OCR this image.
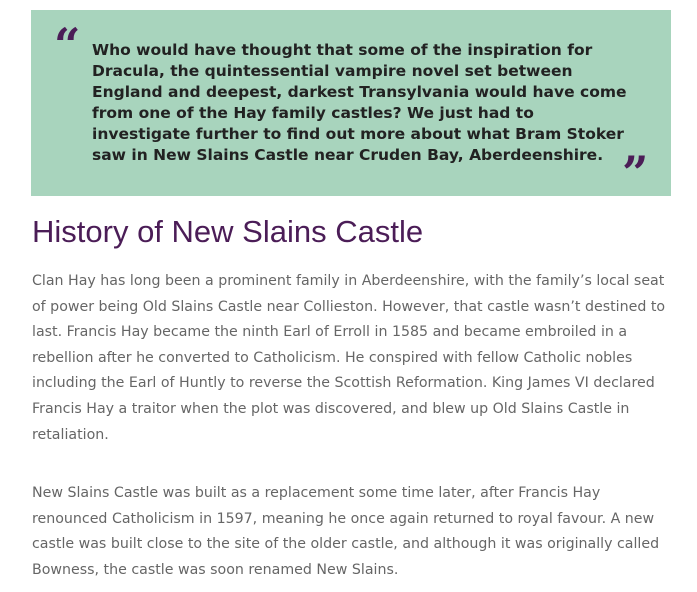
“ Who would have thought that some of the inspiration for Dracula, the quintessential vampire novel set between England and deepest, darkest Transylvania would have come from one of the Hay family castles? We just had to investigate further to find out more about what Bram Stoker saw in New Slains Castle near Cruden Bay, Aberdeenshire. ”
History of New Slains Castle

Clan Hay has long been a prominent family in Aberdeenshire, with the family’s local seat of power being Old Slains Castle near Collieston. However, that castle wasn’t destined to last. Francis Hay became the ninth Earl of Erroll in 1585 and became embroiled in a rebellion after he converted to Catholicism. He conspired with fellow Catholic nobles including the Earl of Huntly to reverse the Scottish Reformation. King James VI declared Francis Hay a traitor when the plot was discovered, and blew up Old Slains Castle in retaliation.

New Slains Castle was built as a replacement some time later, after Francis Hay renounced Catholicism in 1597, meaning he once again returned to royal favour. A new castle was built close to the site of the older castle, and although it was originally called Bowness, the castle was soon renamed New Slains.
